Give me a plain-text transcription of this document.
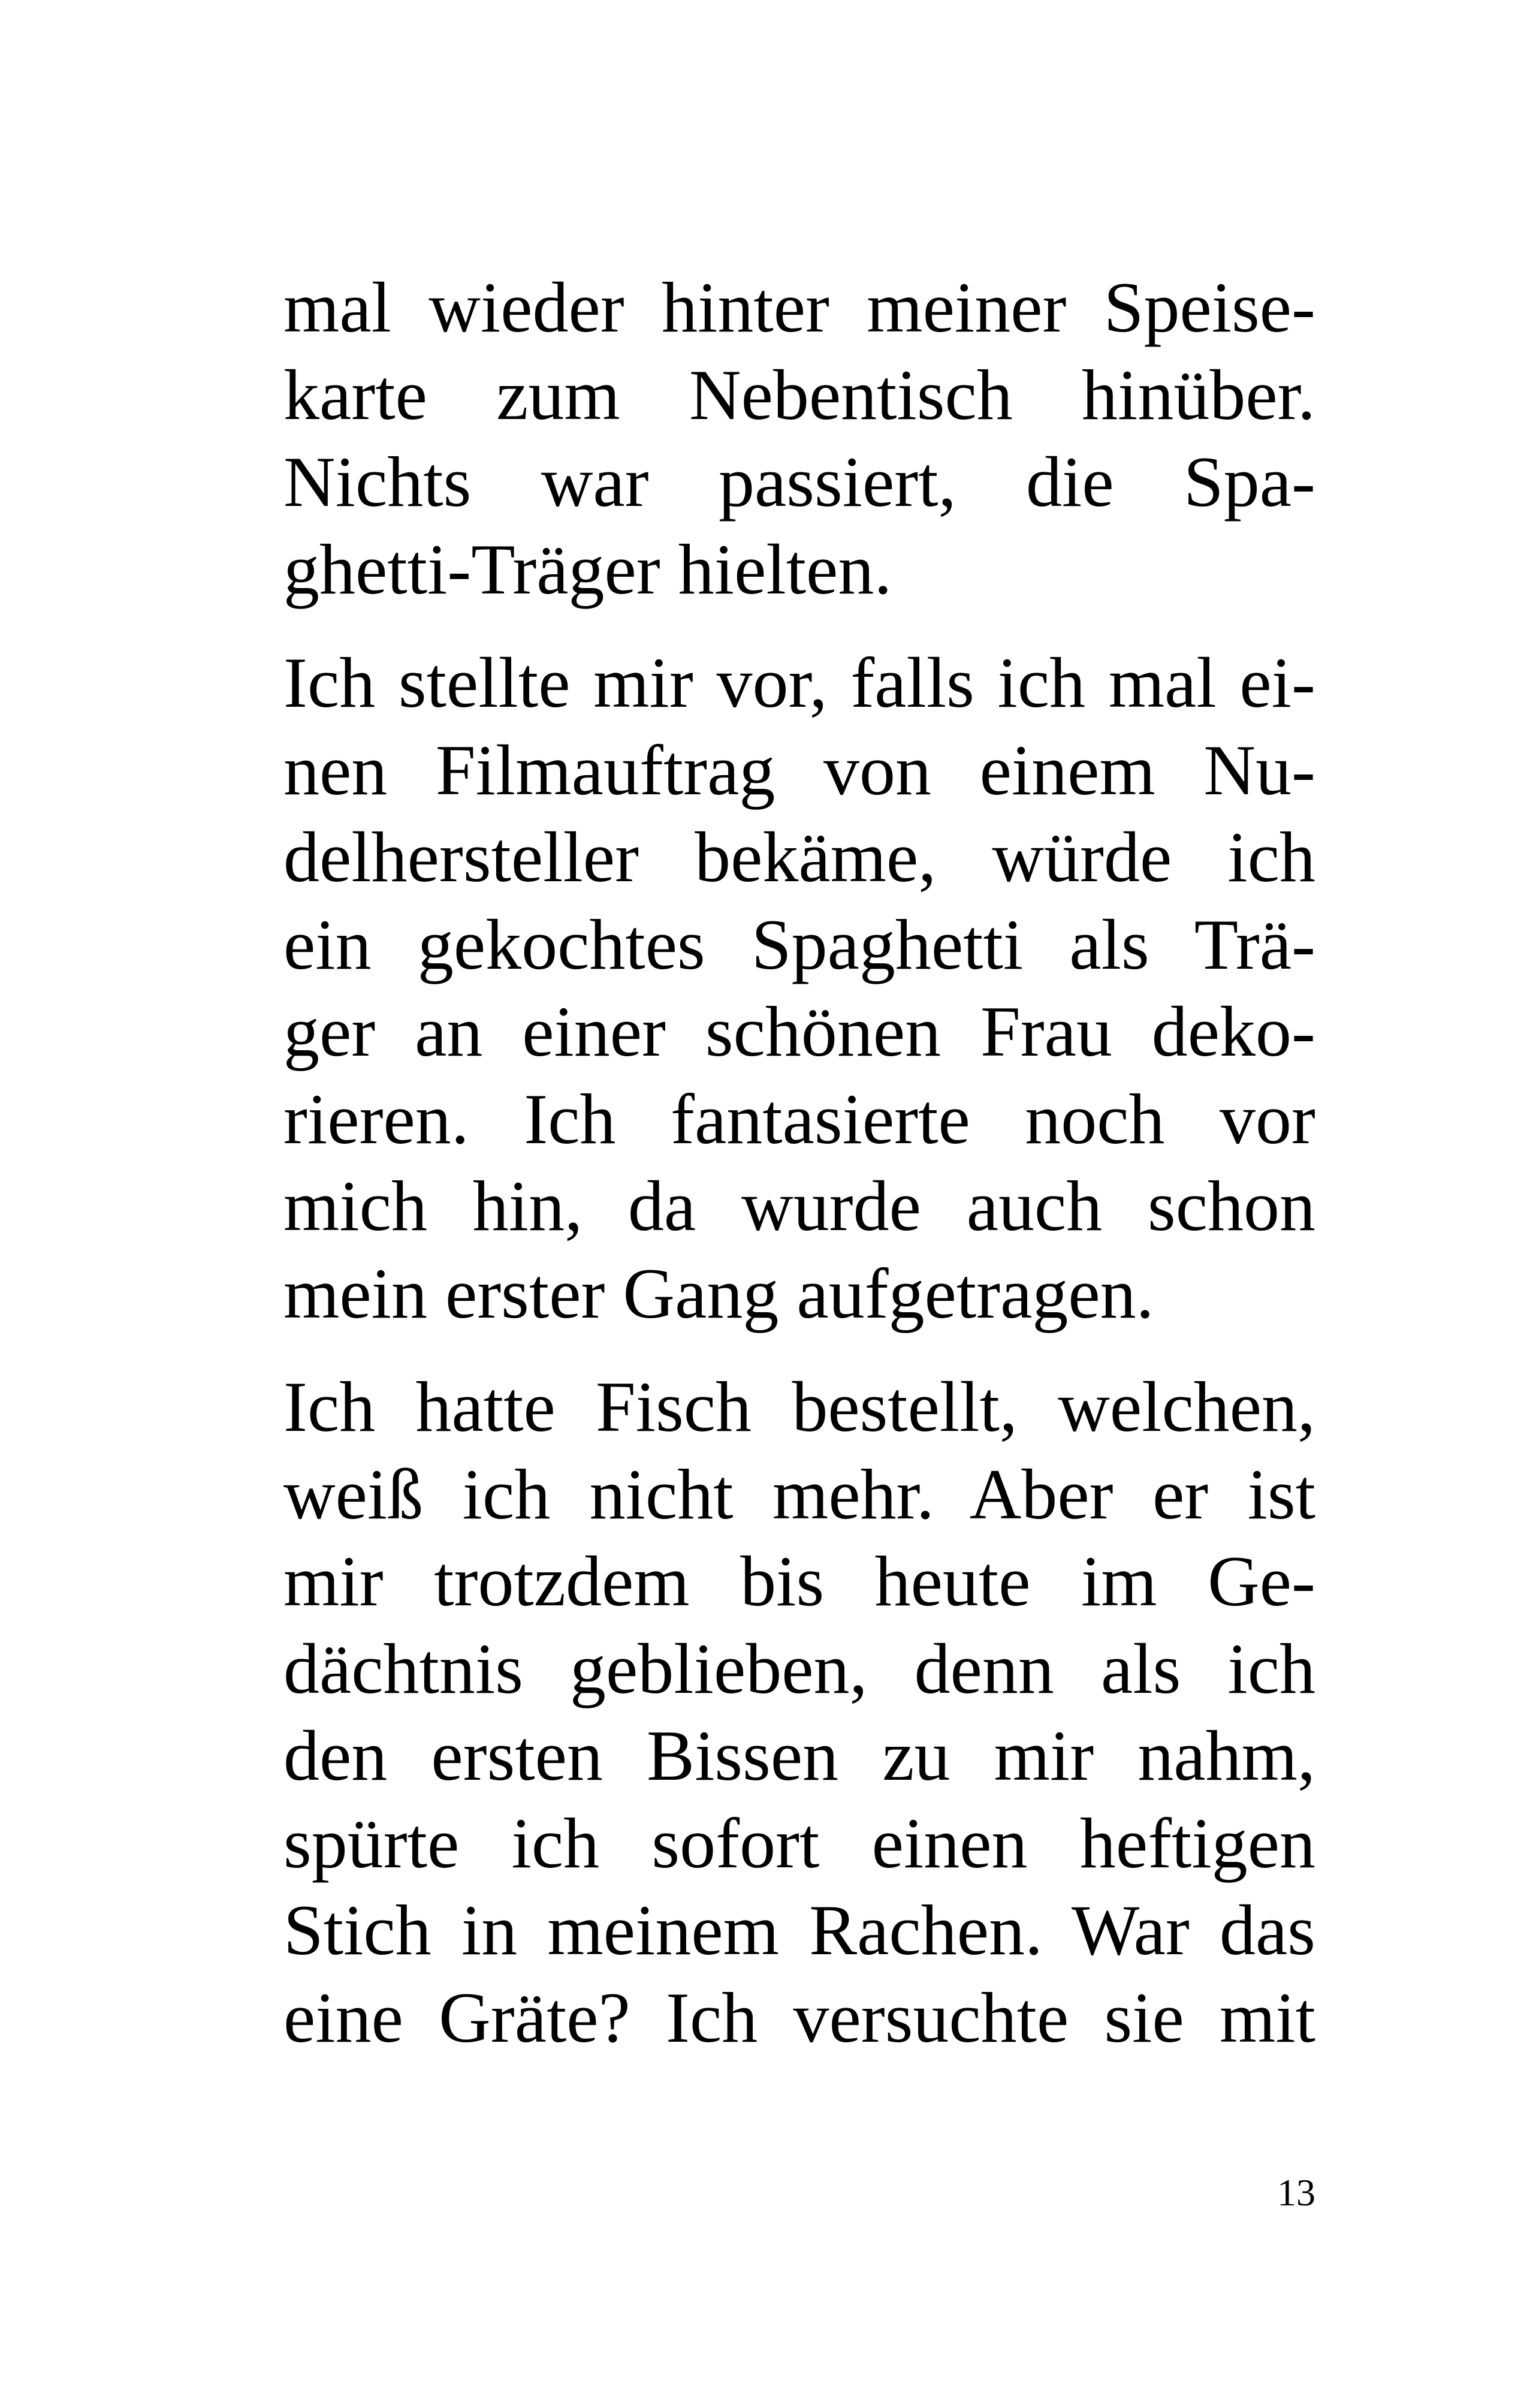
mal wieder hinter meiner Speise-
karte zum Nebentisch hinüber.
Nichts war passiert, die Spa-
ghetti-Träger hielten.

Ich stellte mir vor, falls ich mal ei-
nen Filmauftrag von einem Nu-
delhersteller bekäme, würde ich
ein gekochtes Spaghetti als Trä-
ger an einer schönen Frau deko-
rieren. Ich fantasierte noch vor
mich hin, da wurde auch schon
mein erster Gang aufgetragen.

Ich hatte Fisch bestellt, welchen,
weiß ich nicht mehr. Aber er ist
mir trotzdem bis heute im Ge-
dächtnis geblieben, denn als ich
den ersten Bissen zu mir nahm,
spürte ich sofort einen heftigen
Stich in meinem Rachen. War das
eine Gräte? Ich versuchte sie mit

13
